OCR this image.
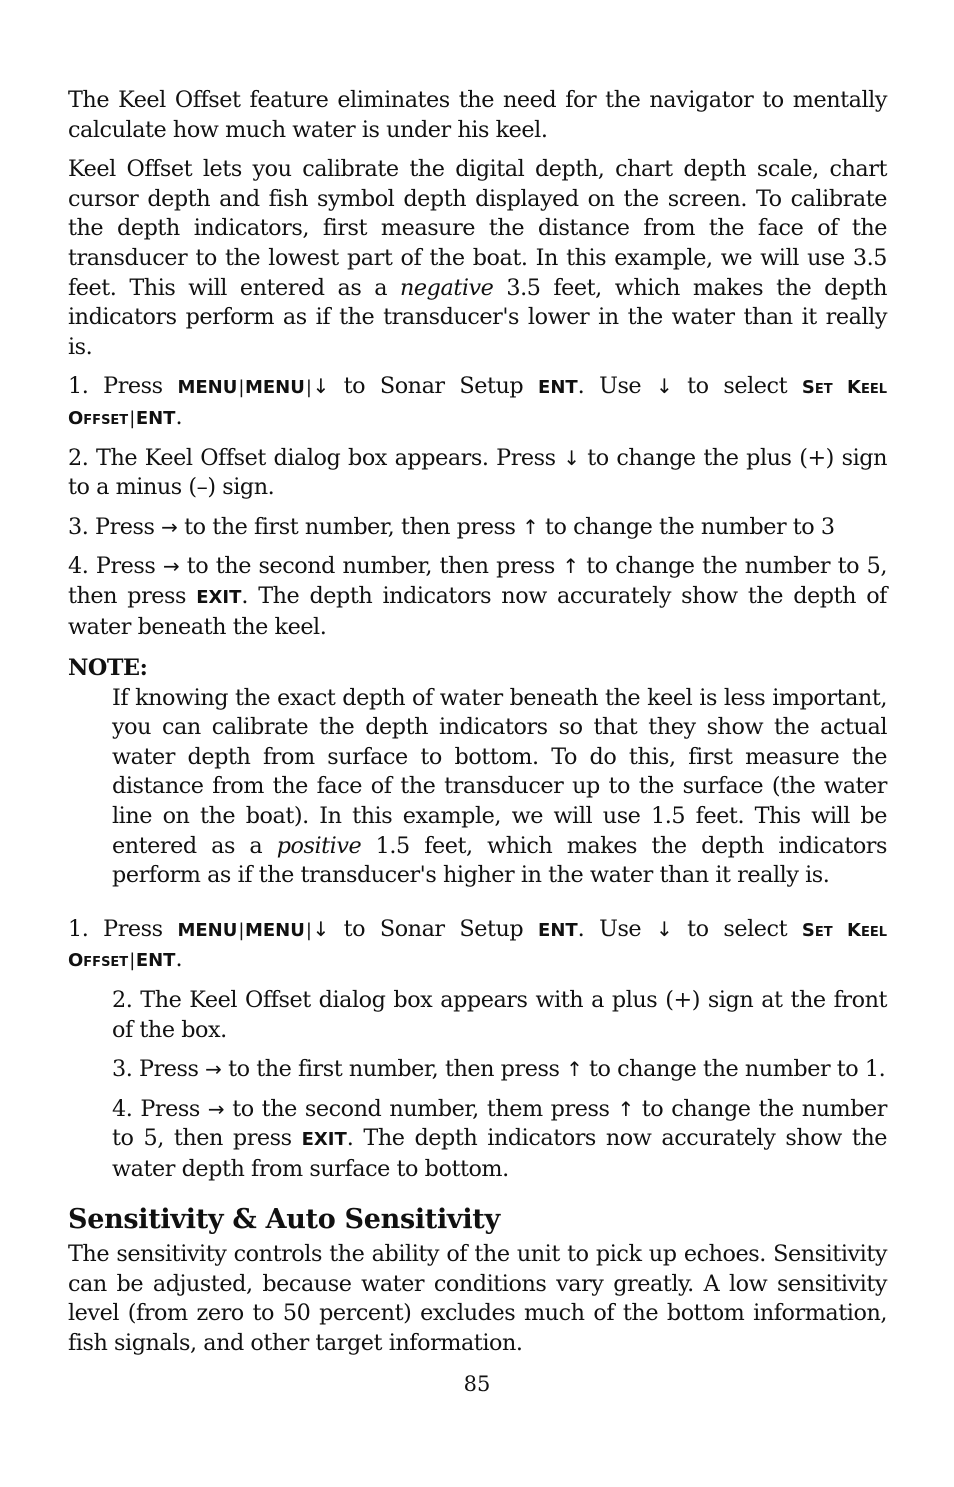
The Keel Offset feature eliminates the need for the navigator to mentally calculate how much water is under his keel.

Keel Offset lets you calibrate the digital depth, chart depth scale, chart cursor depth and fish symbol depth displayed on the screen. To calibrate the depth indicators, first measure the distance from the face of the transducer to the lowest part of the boat. In this example, we will use 3.5 feet. This will entered as a negative 3.5 feet, which makes the depth indicators perform as if the transducer's lower in the water than it really is.

1. Press MENU|MENU|↓ to Sonar Setup ENT. Use ↓ to select Set Keel Offset|ENT.

2. The Keel Offset dialog box appears. Press ↓ to change the plus (+) sign to a minus (–) sign.

3. Press → to the first number, then press ↑ to change the number to 3

4. Press → to the second number, then press ↑ to change the number to 5, then press EXIT. The depth indicators now accurately show the depth of water beneath the keel.

NOTE:

If knowing the exact depth of water beneath the keel is less important, you can calibrate the depth indicators so that they show the actual water depth from surface to bottom. To do this, first measure the distance from the face of the transducer up to the surface (the water line on the boat). In this example, we will use 1.5 feet. This will be entered as a positive 1.5 feet, which makes the depth indicators perform as if the transducer's higher in the water than it really is.

1. Press MENU|MENU|↓ to Sonar Setup ENT. Use ↓ to select Set Keel Offset|ENT.

2. The Keel Offset dialog box appears with a plus (+) sign at the front of the box.

3. Press → to the first number, then press ↑ to change the number to 1.

4. Press → to the second number, them press ↑ to change the number to 5, then press EXIT. The depth indicators now accurately show the water depth from surface to bottom.

Sensitivity & Auto Sensitivity

The sensitivity controls the ability of the unit to pick up echoes. Sensitivity can be adjusted, because water conditions vary greatly. A low sensitivity level (from zero to 50 percent) excludes much of the bottom information, fish signals, and other target information.

85
